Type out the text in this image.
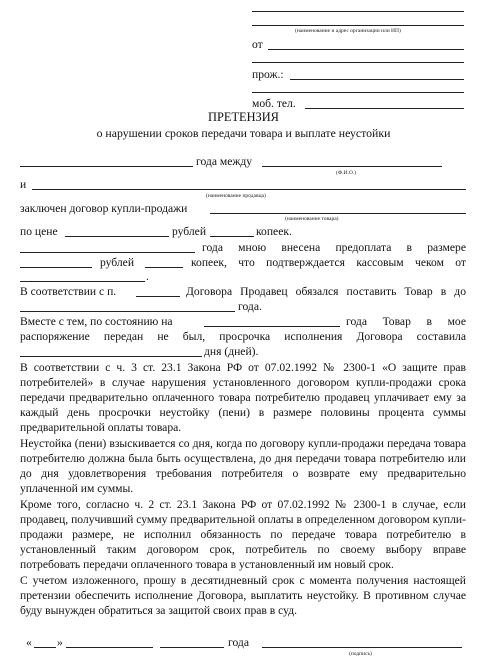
(наименование и адрес организации или ИП)
от
прож.:
моб. тел.
ПРЕТЕНЗИЯ
о нарушении сроков передачи товара и выплате неустойки
года между
(Ф.И.О.)
и
(наименование продавца)
заключен договор купли-продажи
(наименование товара)
по цене	рублей	копеек.
года мною внесена предоплата в размере
рублей	копеек, что подтверждается кассовым чеком от
.
В соответствии с п.	Договора Продавец обязался поставить Товар в до
года.
Вместе с тем, по состоянию на	года Товар в мое
распоряжение передан не был, просрочка исполнения Договора составила
дня (дней).

В соответствии с ч. 3 ст. 23.1 Закона РФ от 07.02.1992 № 2300-1 «О защите прав потребителей» в случае нарушения установленного договором купли-продажи срока передачи предварительно оплаченного товара потребителю продавец уплачивает ему за каждый день просрочки неустойку (пени) в размере половины процента суммы предварительной оплаты товара.

Неустойка (пени) взыскивается со дня, когда по договору купли-продажи передача товара потребителю должна была быть осуществлена, до дня передачи товара потребителю или до дня удовлетворения требования потребителя о возврате ему предварительно уплаченной им суммы.

Кроме того, согласно ч. 2 ст. 23.1 Закона РФ от 07.02.1992 № 2300-1 в случае, если продавец, получивший сумму предварительной оплаты в определенном договором купли-продажи размере, не исполнил обязанность по передаче товара потребителю в установленный таким договором срок, потребитель по своему выбору вправе потребовать передачи оплаченного товара в установленный им новый срок.

С учетом изложенного, прошу в десятидневный срок с момента получения настоящей претензии обеспечить исполнение Договора, выплатить неустойку. В противном случае буду вынужден обратиться за защитой своих прав в суд.

« »	года
(подпись)
